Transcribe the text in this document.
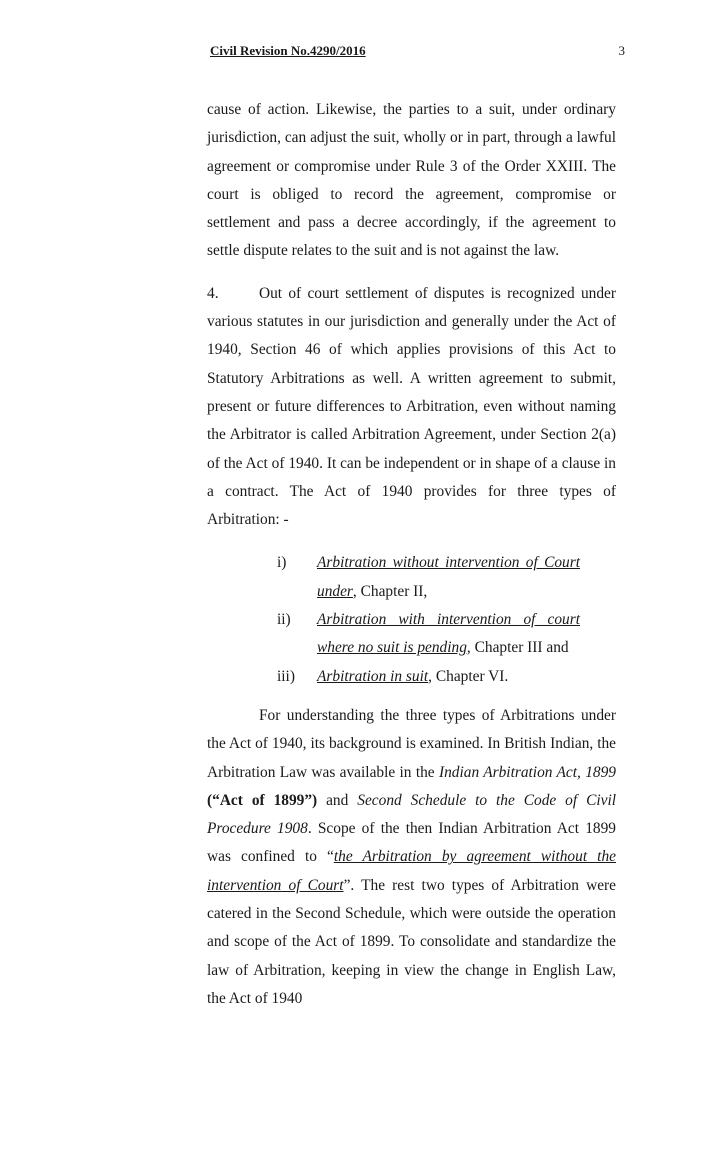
Civil Revision No.4290/2016	3

cause of action. Likewise, the parties to a suit, under ordinary jurisdiction, can adjust the suit, wholly or in part, through a lawful agreement or compromise under Rule 3 of the Order XXIII. The court is obliged to record the agreement, compromise or settlement and pass a decree accordingly, if the agreement to settle dispute relates to the suit and is not against the law.

4.	Out of court settlement of disputes is recognized under various statutes in our jurisdiction and generally under the Act of 1940, Section 46 of which applies provisions of this Act to Statutory Arbitrations as well. A written agreement to submit, present or future differences to Arbitration, even without naming the Arbitrator is called Arbitration Agreement, under Section 2(a) of the Act of 1940. It can be independent or in shape of a clause in a contract. The Act of 1940 provides for three types of Arbitration: -

i)	Arbitration without intervention of Court under, Chapter II,
ii)	Arbitration with intervention of court where no suit is pending, Chapter III and
iii)	Arbitration in suit, Chapter VI.

For understanding the three types of Arbitrations under the Act of 1940, its background is examined. In British Indian, the Arbitration Law was available in the Indian Arbitration Act, 1899 (“Act of 1899”) and Second Schedule to the Code of Civil Procedure 1908. Scope of the then Indian Arbitration Act 1899 was confined to “the Arbitration by agreement without the intervention of Court”. The rest two types of Arbitration were catered in the Second Schedule, which were outside the operation and scope of the Act of 1899. To consolidate and standardize the law of Arbitration, keeping in view the change in English Law, the Act of 1940
